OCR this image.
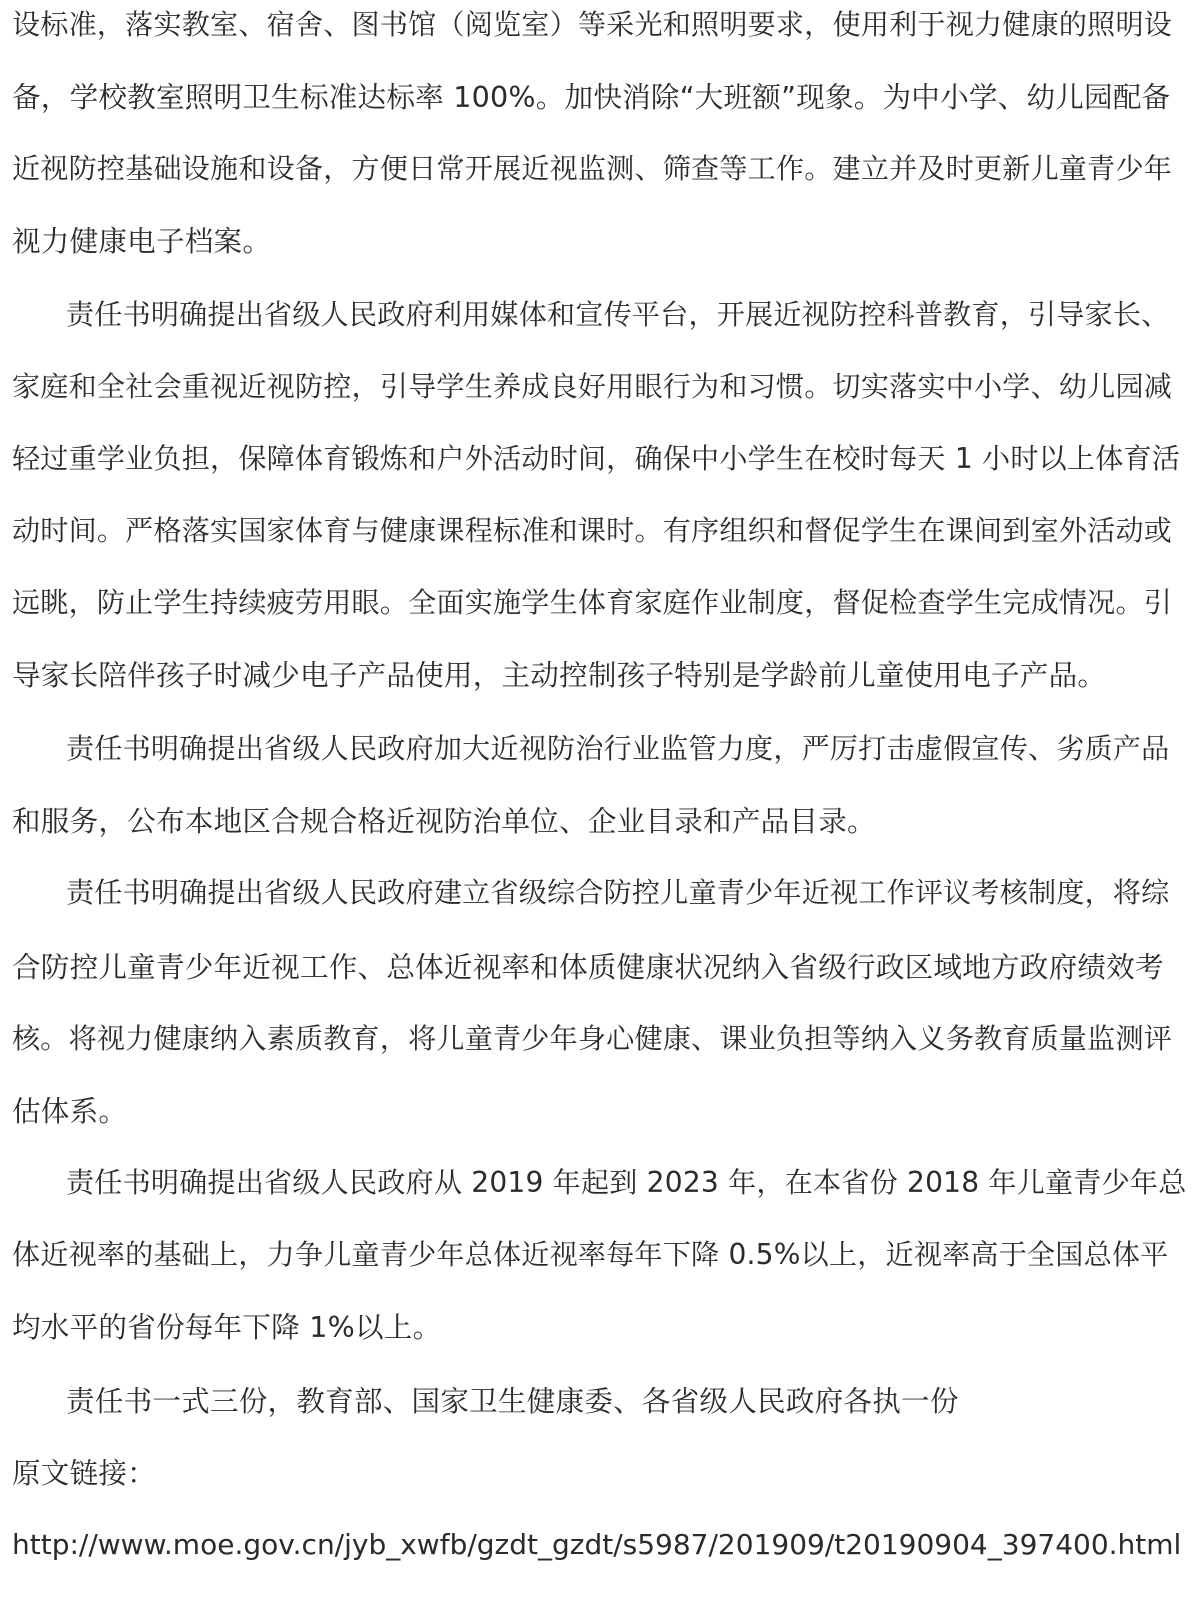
设标准，落实教室、宿舍、图书馆（阅览室）等采光和照明要求，使用利于视力健康的照明设
备，学校教室照明卫生标准达标率 100%。加快消除“大班额”现象。为中小学、幼儿园配备
近视防控基础设施和设备，方便日常开展近视监测、筛查等工作。建立并及时更新儿童青少年
视力健康电子档案。
责任书明确提出省级人民政府利用媒体和宣传平台，开展近视防控科普教育，引导家长、
家庭和全社会重视近视防控，引导学生养成良好用眼行为和习惯。切实落实中小学、幼儿园减
轻过重学业负担，保障体育锻炼和户外活动时间，确保中小学生在校时每天 1 小时以上体育活
动时间。严格落实国家体育与健康课程标准和课时。有序组织和督促学生在课间到室外活动或
远眺，防止学生持续疲劳用眼。全面实施学生体育家庭作业制度，督促检查学生完成情况。引
导家长陪伴孩子时减少电子产品使用，主动控制孩子特别是学龄前儿童使用电子产品。
责任书明确提出省级人民政府加大近视防治行业监管力度，严厉打击虚假宣传、劣质产品
和服务，公布本地区合规合格近视防治单位、企业目录和产品目录。
责任书明确提出省级人民政府建立省级综合防控儿童青少年近视工作评议考核制度，将综
合防控儿童青少年近视工作、总体近视率和体质健康状况纳入省级行政区域地方政府绩效考
核。将视力健康纳入素质教育，将儿童青少年身心健康、课业负担等纳入义务教育质量监测评
估体系。
责任书明确提出省级人民政府从 2019 年起到 2023 年，在本省份 2018 年儿童青少年总
体近视率的基础上，力争儿童青少年总体近视率每年下降 0.5%以上，近视率高于全国总体平
均水平的省份每年下降 1%以上。
责任书一式三份，教育部、国家卫生健康委、各省级人民政府各执一份
原文链接：
http://www.moe.gov.cn/jyb_xwfb/gzdt_gzdt/s5987/201909/t20190904_397400.html
